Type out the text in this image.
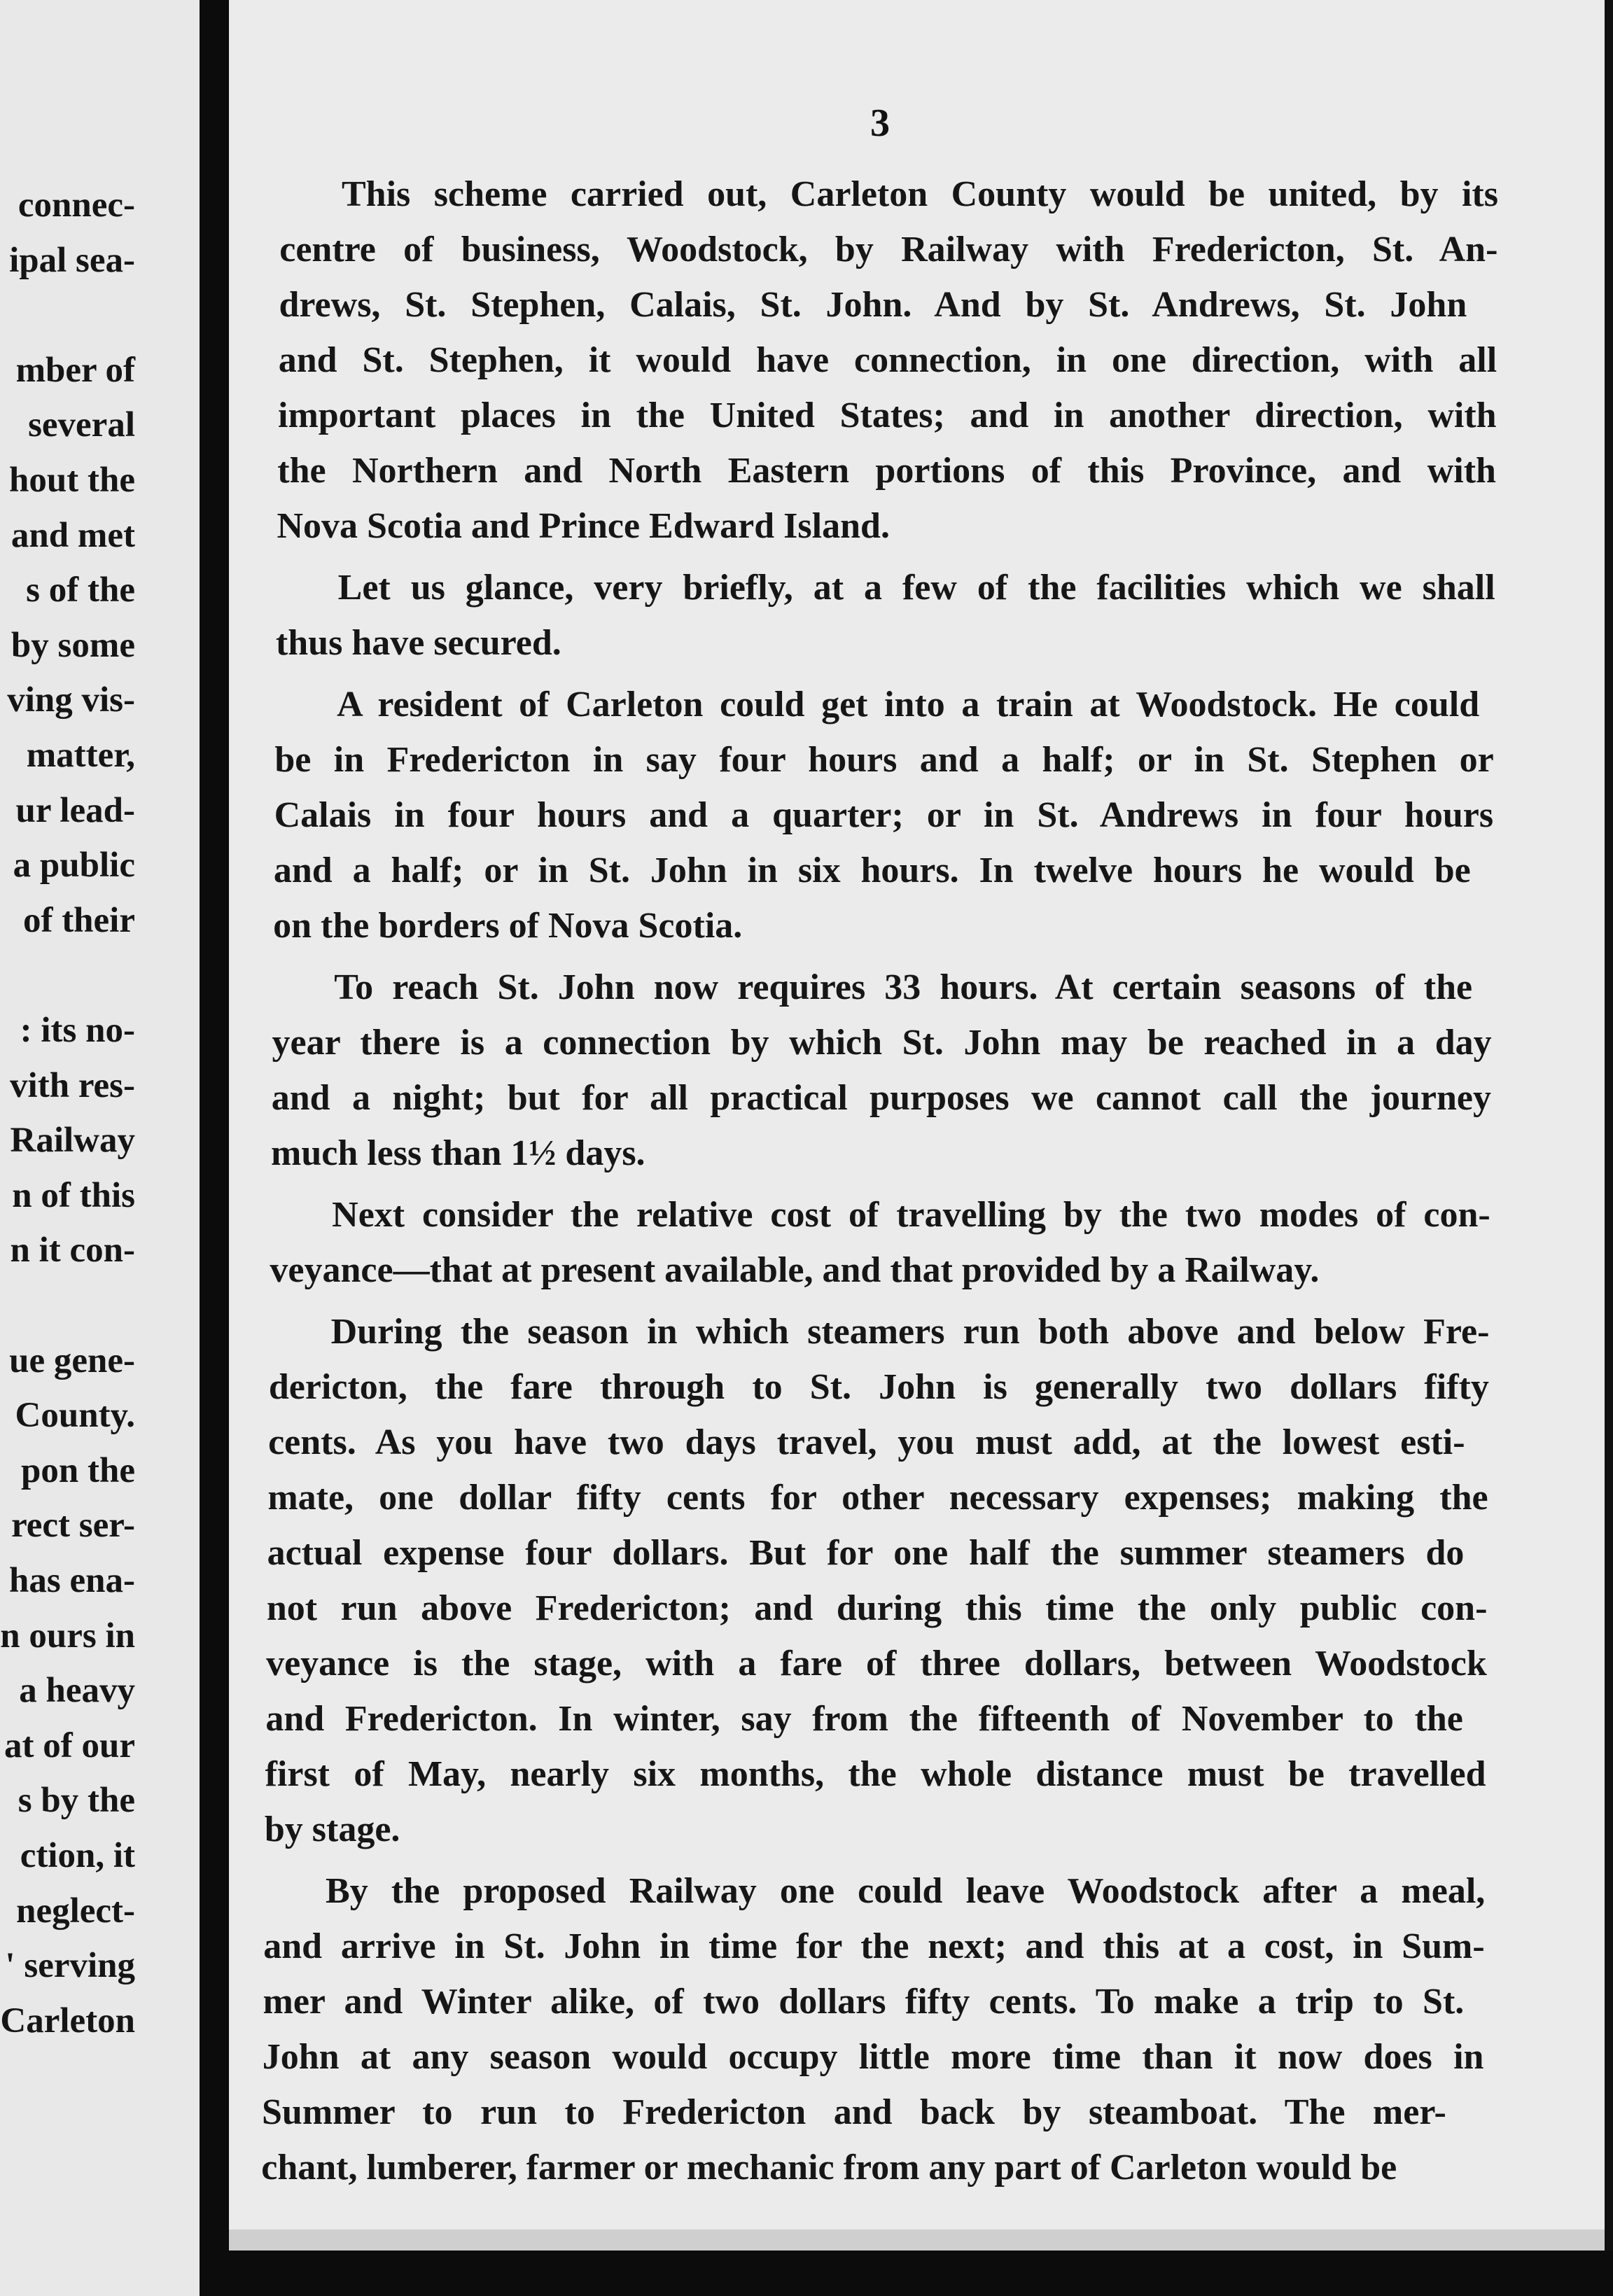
connec-
ipal sea-
mber of
several
hout the
and met
s of the
by some
ving vis-
matter,
ur lead-
a public
of their
: its no-
vith res-
Railway
n of this
n it con-
ue gene-
County.
pon the
rect ser-
has ena-
n ours in
a heavy
at of our
s by the
ction, it
neglect-
' serving
Carleton
3
This scheme carried out, Carleton County would be united, by its
centre of business, Woodstock, by Railway with Fredericton, St. An-
drews, St. Stephen, Calais, St. John. And by St. Andrews, St. John
and St. Stephen, it would have connection, in one direction, with all
important places in the United States; and in another direction, with
the Northern and North Eastern portions of this Province, and with
Nova Scotia and Prince Edward Island.
Let us glance, very briefly, at a few of the facilities which we shall
thus have secured.
A resident of Carleton could get into a train at Woodstock. He could
be in Fredericton in say four hours and a half; or in St. Stephen or
Calais in four hours and a quarter; or in St. Andrews in four hours
and a half; or in St. John in six hours. In twelve hours he would be
on the borders of Nova Scotia.
To reach St. John now requires 33 hours. At certain seasons of the
year there is a connection by which St. John may be reached in a day
and a night; but for all practical purposes we cannot call the journey
much less than 1½ days.
Next consider the relative cost of travelling by the two modes of con-
veyance—that at present available, and that provided by a Railway.
During the season in which steamers run both above and below Fre-
dericton, the fare through to St. John is generally two dollars fifty
cents. As you have two days travel, you must add, at the lowest esti-
mate, one dollar fifty cents for other necessary expenses; making the
actual expense four dollars. But for one half the summer steamers do
not run above Fredericton; and during this time the only public con-
veyance is the stage, with a fare of three dollars, between Woodstock
and Fredericton. In winter, say from the fifteenth of November to the
first of May, nearly six months, the whole distance must be travelled
by stage.
By the proposed Railway one could leave Woodstock after a meal,
and arrive in St. John in time for the next; and this at a cost, in Sum-
mer and Winter alike, of two dollars fifty cents. To make a trip to St.
John at any season would occupy little more time than it now does in
Summer to run to Fredericton and back by steamboat. The mer-
chant, lumberer, farmer or mechanic from any part of Carleton would be
